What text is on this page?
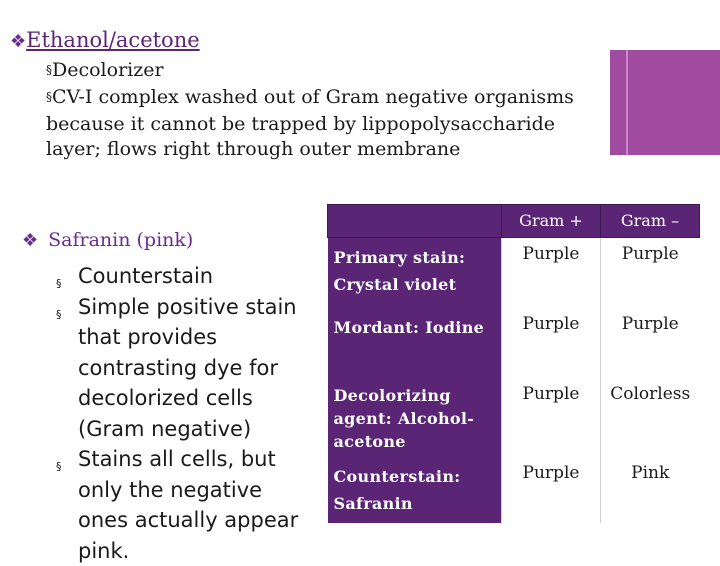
❖Ethanol/acetone
§Decolorizer
§CV-I complex washed out of Gram negative organisms because it cannot be trapped by lippopolysaccharide layer; flows right through outer membrane
❖ Safranin (pink)
§ Counterstain
§ Simple positive stain that provides contrasting dye for decolorized cells (Gram negative)
§ Stains all cells, but only the negative ones actually appear pink.
	Gram +	Gram –
Primary stain: Crystal violet	Purple	Purple
Mordant: Iodine	Purple	Purple
Decolorizing agent: Alcohol-acetone	Purple	Colorless
Counterstain: Safranin	Purple	Pink
